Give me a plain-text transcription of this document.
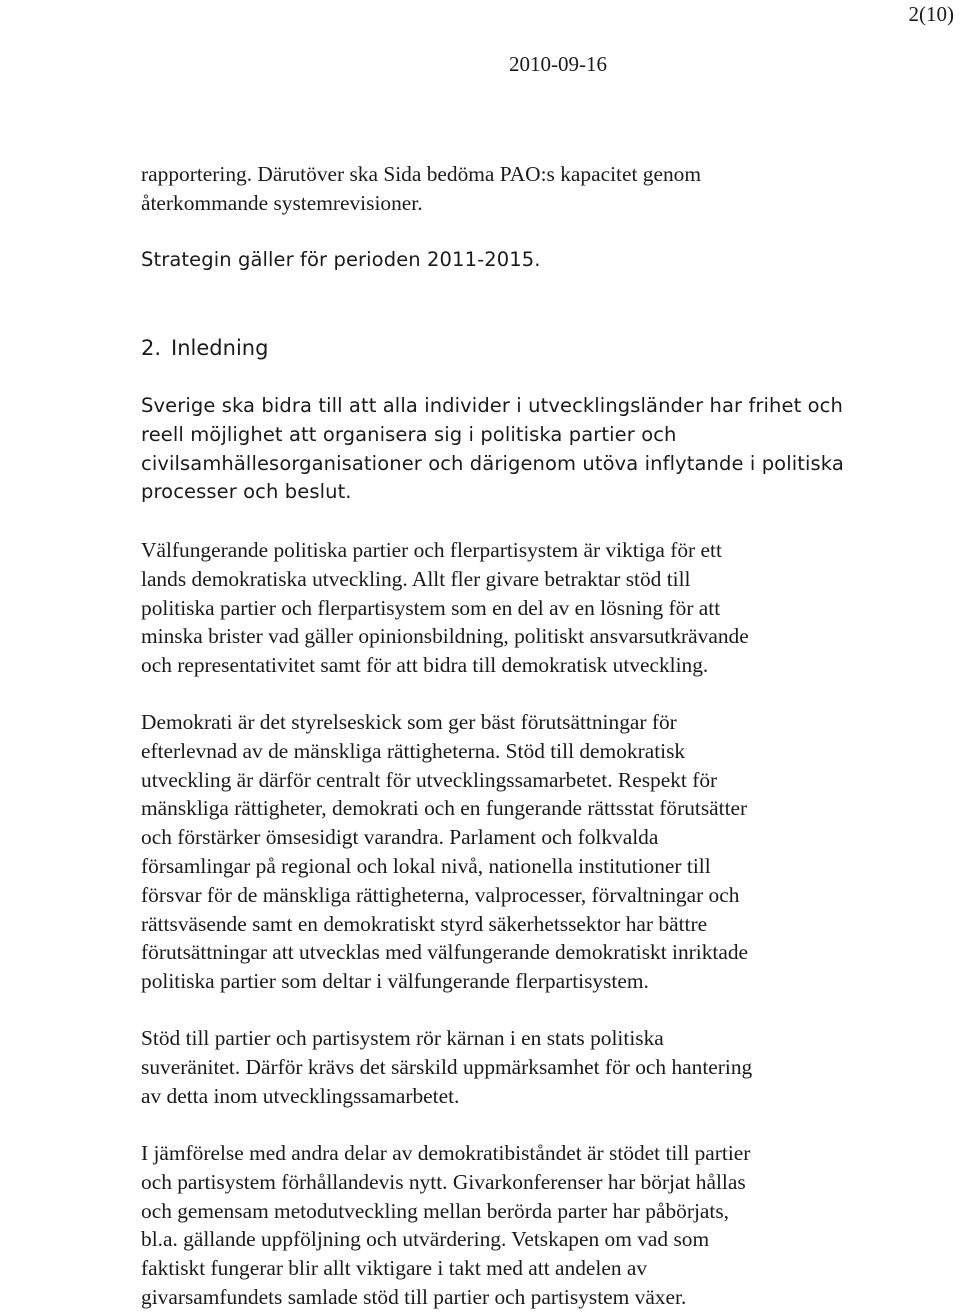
2(10)
2010-09-16

rapportering. Därutöver ska Sida bedöma PAO:s kapacitet genom
återkommande systemrevisioner.

Strategin gäller för perioden 2011-2015.

2. Inledning

Sverige ska bidra till att alla individer i utvecklingsländer har frihet och
reell möjlighet att organisera sig i politiska partier och
civilsamhällesorganisationer och därigenom utöva inflytande i politiska
processer och beslut.

Välfungerande politiska partier och flerpartisystem är viktiga för ett
lands demokratiska utveckling. Allt fler givare betraktar stöd till
politiska partier och flerpartisystem som en del av en lösning för att
minska brister vad gäller opinionsbildning, politiskt ansvarsutkrävande
och representativitet samt för att bidra till demokratisk utveckling.

Demokrati är det styrelseskick som ger bäst förutsättningar för
efterlevnad av de mänskliga rättigheterna. Stöd till demokratisk
utveckling är därför centralt för utvecklingssamarbetet. Respekt för
mänskliga rättigheter, demokrati och en fungerande rättsstat förutsätter
och förstärker ömsesidigt varandra. Parlament och folkvalda
församlingar på regional och lokal nivå, nationella institutioner till
försvar för de mänskliga rättigheterna, valprocesser, förvaltningar och
rättsväsende samt en demokratiskt styrd säkerhetssektor har bättre
förutsättningar att utvecklas med välfungerande demokratiskt inriktade
politiska partier som deltar i välfungerande flerpartisystem.

Stöd till partier och partisystem rör kärnan i en stats politiska
suveränitet. Därför krävs det särskild uppmärksamhet för och hantering
av detta inom utvecklingssamarbetet.

I jämförelse med andra delar av demokratibiståndet är stödet till partier
och partisystem förhållandevis nytt. Givarkonferenser har börjat hållas
och gemensam metodutveckling mellan berörda parter har påbörjats,
bl.a. gällande uppföljning och utvärdering. Vetskapen om vad som
faktiskt fungerar blir allt viktigare i takt med att andelen av
givarsamfundets samlade stöd till partier och partisystem växer.
